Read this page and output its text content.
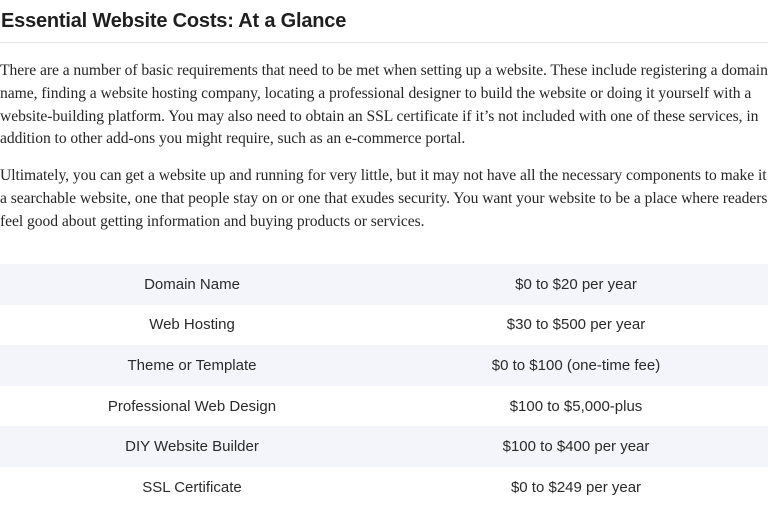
Essential Website Costs: At a Glance

There are a number of basic requirements that need to be met when setting up a website. These include registering a domain name, finding a website hosting company, locating a professional designer to build the website or doing it yourself with a website-building platform. You may also need to obtain an SSL certificate if it’s not included with one of these services, in addition to other add-ons you might require, such as an e-commerce portal.

Ultimately, you can get a website up and running for very little, but it may not have all the necessary components to make it a searchable website, one that people stay on or one that exudes security. You want your website to be a place where readers feel good about getting information and buying products or services.

Domain Name	$0 to $20 per year
Web Hosting	$30 to $500 per year
Theme or Template	$0 to $100 (one-time fee)
Professional Web Design	$100 to $5,000-plus
DIY Website Builder	$100 to $400 per year
SSL Certificate	$0 to $249 per year
